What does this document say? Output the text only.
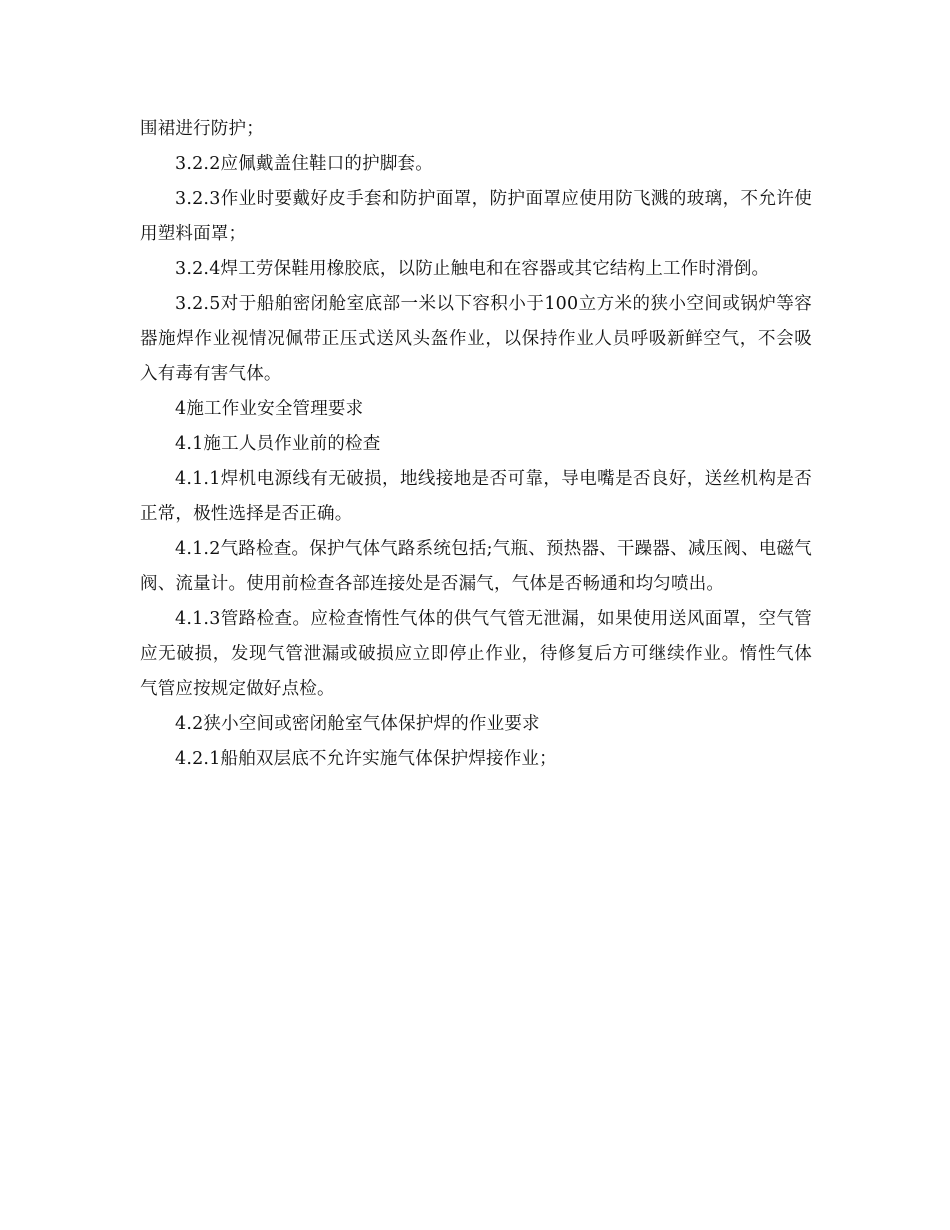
围裙进行防护；

3.2.2应佩戴盖住鞋口的护脚套。

3.2.3作业时要戴好皮手套和防护面罩，防护面罩应使用防飞溅的玻璃，不允许使用塑料面罩；

3.2.4焊工劳保鞋用橡胶底，以防止触电和在容器或其它结构上工作时滑倒。

3.2.5对于船舶密闭舱室底部一米以下容积小于100立方米的狭小空间或锅炉等容器施焊作业视情况佩带正压式送风头盔作业，以保持作业人员呼吸新鲜空气，不会吸入有毒有害气体。

4施工作业安全管理要求

4.1施工人员作业前的检查

4.1.1焊机电源线有无破损，地线接地是否可靠，导电嘴是否良好，送丝机构是否正常，极性选择是否正确。

4.1.2气路检查。保护气体气路系统包括;气瓶、预热器、干躁器、减压阀、电磁气阀、流量计。使用前检查各部连接处是否漏气，气体是否畅通和均匀喷出。

4.1.3管路检查。应检查惰性气体的供气气管无泄漏，如果使用送风面罩，空气管应无破损，发现气管泄漏或破损应立即停止作业，待修复后方可继续作业。惰性气体气管应按规定做好点检。

4.2狭小空间或密闭舱室气体保护焊的作业要求

4.2.1船舶双层底不允许实施气体保护焊接作业；
